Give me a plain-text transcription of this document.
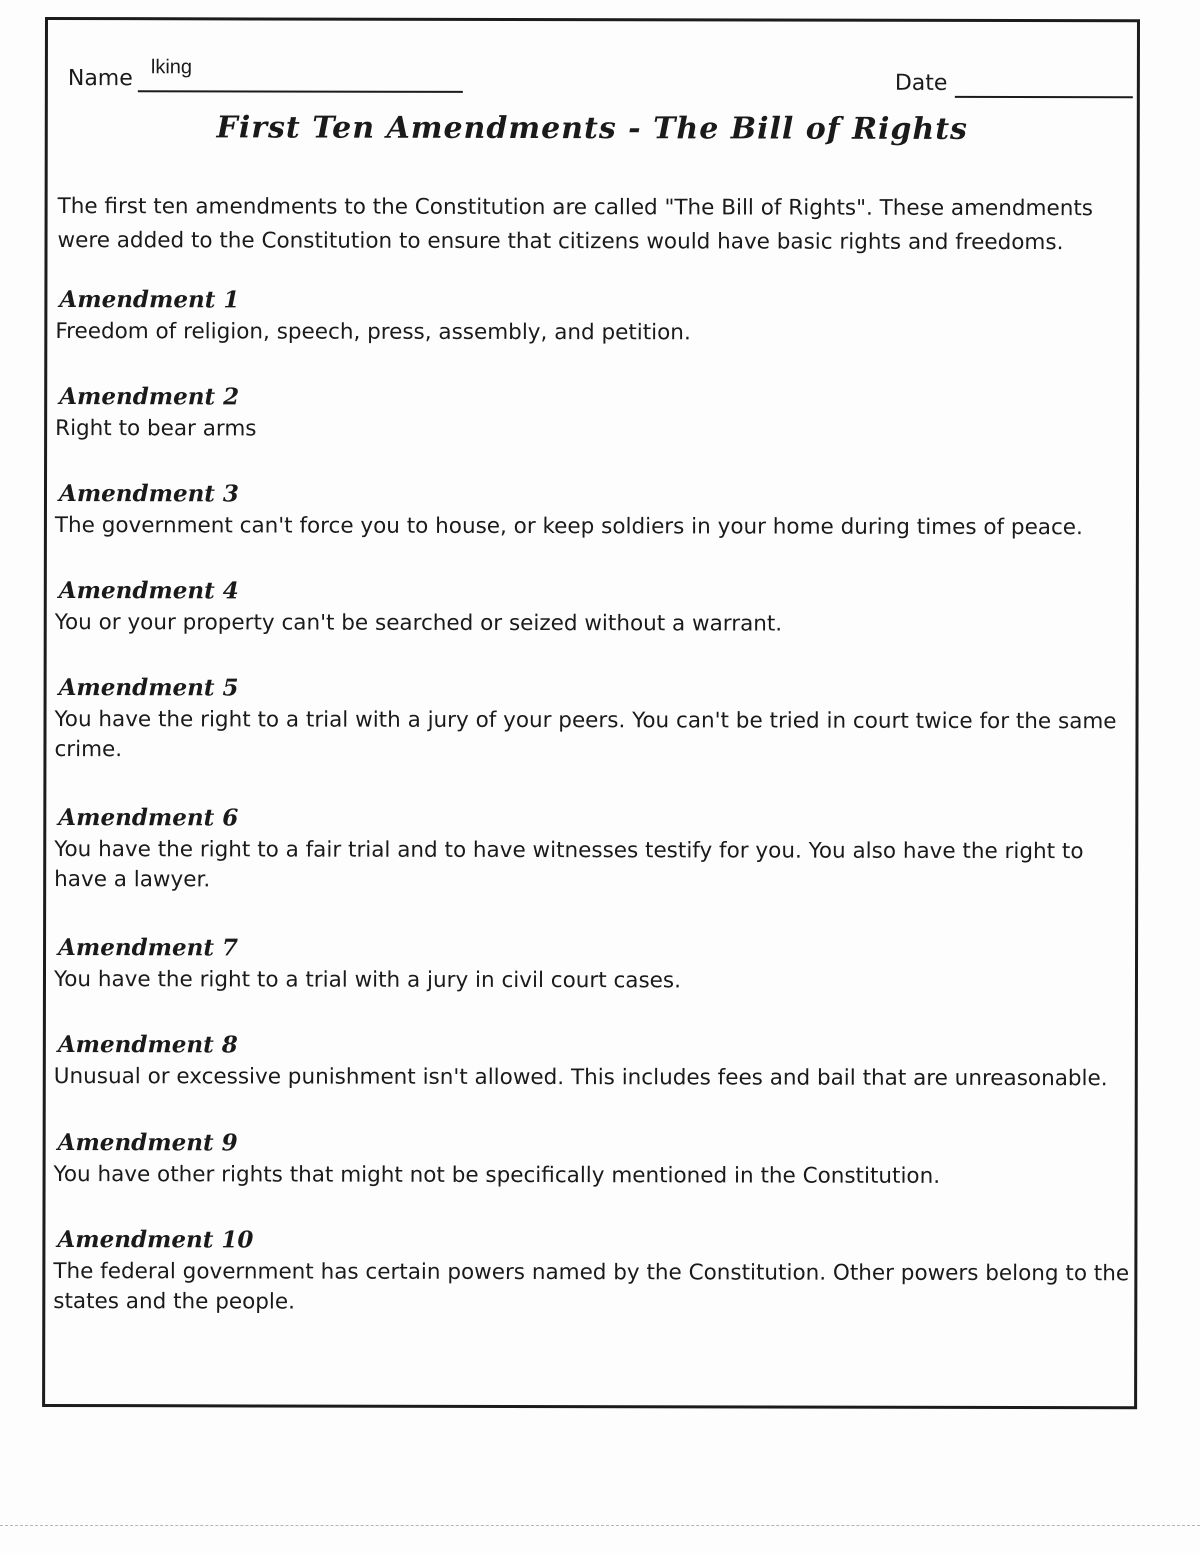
Name lking
Date
First Ten Amendments - The Bill of Rights

The first ten amendments to the Constitution are called "The Bill of Rights". These amendments were added to the Constitution to ensure that citizens would have basic rights and freedoms.

Amendment 1
Freedom of religion, speech, press, assembly, and petition.
Amendment 2
Right to bear arms
Amendment 3
The government can't force you to house, or keep soldiers in your home during times of peace.
Amendment 4
You or your property can't be searched or seized without a warrant.
Amendment 5
You have the right to a trial with a jury of your peers. You can't be tried in court twice for the same crime.
Amendment 6
You have the right to a fair trial and to have witnesses testify for you. You also have the right to have a lawyer.
Amendment 7
You have the right to a trial with a jury in civil court cases.
Amendment 8
Unusual or excessive punishment isn't allowed. This includes fees and bail that are unreasonable.
Amendment 9
You have other rights that might not be specifically mentioned in the Constitution.
Amendment 10
The federal government has certain powers named by the Constitution. Other powers belong to the states and the people.
